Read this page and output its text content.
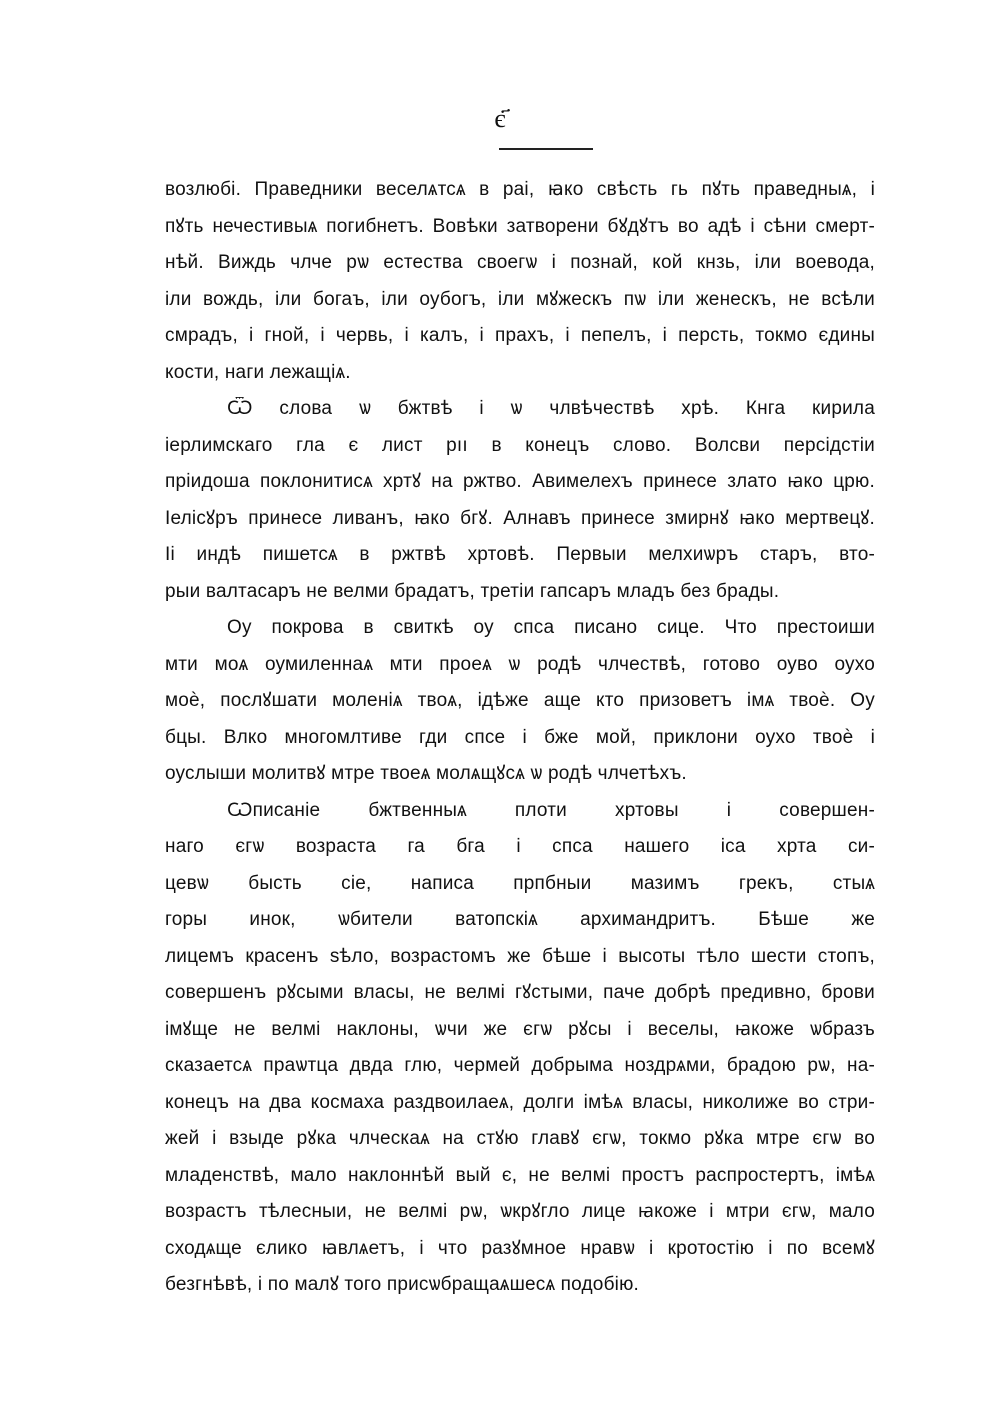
є҃
возлюбі. Праведники веселѧтсѧ в раі, ꙗко свѣсть гь пꙋть праведныѧ, і
пꙋть нечестивыѧ погибнетъ. Вовѣки затворени бꙋдꙋтъ во адѣ і сѣни смерт-
нѣй. Виждь члче рѡ естества своегѡ і познай, кой кнзь, іли воевода,
іли вождь, іли богаъ, іли оубогъ, іли мꙋжескъ пѡ іли женескъ, не всѣли
смрадъ, і гной, і червь, і калъ, і прахъ, і пепелъ, і персть, токмо єдины
кости, наги лежащіѧ.
Ѿ слова ѡ бжтвѣ і ѡ члвѣчествѣ хрѣ. Кнга кирила
іерлимскаго гла є лист рıı в конецъ слово. Волсви персідстіи
пріидоша поклонитисѧ хртꙋ на ржтво. Авимелехъ принесе злато ꙗко црю.
Іелісꙋръ принесе ливанъ, ꙗко бгꙋ. Алнавъ принесе змирнꙋ ꙗко мертвецꙋ.
Іі индѣ пишетсѧ в ржтвѣ хртовѣ. Первыи мелхиѡръ старъ, вто-
рыи валтасаръ не велми брадатъ, третіи гапсаръ младъ без брады.
Оу покрова в свиткѣ оу спса писано сице. Что престоиши
мти моѧ оумиленнаѧ мти проеѧ ѡ родѣ члчествѣ, готово оуво оухо
моѐ, послꙋшати моленіѧ твоѧ, ідѣже аще кто призоветъ імѧ твоѐ. Оу
бцы. Влко многомлтиве гди спсе і бже мой, приклони оухо твоѐ і
оуслыши молитвꙋ мтре твоеѧ молѧщꙋсѧ ѡ родѣ члчетѣхъ.
Ѡписаніе бжтвенныѧ плоти хртовы і совершен-
наго єгѡ возраста га бга і спса нашего іса хрта си-
цевѡ бысть сіе, написа прпбныи мазимъ грекъ, стыѧ
горы инок, ѡбители ватопскіѧ архимандритъ. Бѣше же
лицемъ красенъ ѕѣло, возрастомъ же бѣше і высоты тѣло шести стопъ,
совершенъ рꙋсыми власы, не велмі гꙋстыми, паче добрѣ предивно, брови
імꙋще не велмі наклоны, ѡчи же єгѡ рꙋсы і веселы, ꙗкоже ѡбразъ
сказаетсѧ праѡтца двда глю, чермей добрыма ноздрѧми, брадою рѡ, на-
конецъ на два космаха раздвоилаеѧ, долги імѣѧ власы, николиже во стри-
жей і взыде рꙋка члческаѧ на стꙋю главꙋ єгѡ, токмо рꙋка мтре єгѡ во
младенствѣ, мало наклоннѣй вый є, не велмі простъ распростертъ, імѣѧ
возрастъ тѣлесныи, не велмі рѡ, ѡкрꙋгло лице ꙗкоже і мтри єгѡ, мало
сходѧще єлико ꙗвлѧетъ, і что разꙋмное нравѡ і кротостію і по всемꙋ
безгнѣвѣ, і по малꙋ того присѡбращаѧшесѧ подобію.
